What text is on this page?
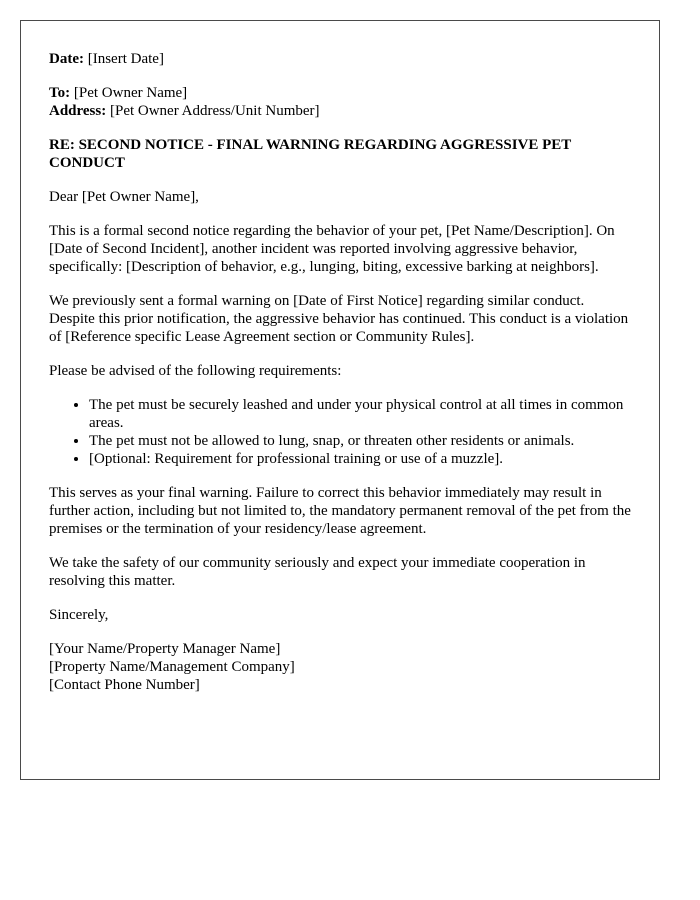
Date: [Insert Date]

To: [Pet Owner Name]
Address: [Pet Owner Address/Unit Number]

RE: SECOND NOTICE - FINAL WARNING REGARDING AGGRESSIVE PET CONDUCT

Dear [Pet Owner Name],

This is a formal second notice regarding the behavior of your pet, [Pet Name/Description]. On [Date of Second Incident], another incident was reported involving aggressive behavior, specifically: [Description of behavior, e.g., lunging, biting, excessive barking at neighbors].

We previously sent a formal warning on [Date of First Notice] regarding similar conduct. Despite this prior notification, the aggressive behavior has continued. This conduct is a violation of [Reference specific Lease Agreement section or Community Rules].

Please be advised of the following requirements:

• The pet must be securely leashed and under your physical control at all times in common areas.
• The pet must not be allowed to lung, snap, or threaten other residents or animals.
• [Optional: Requirement for professional training or use of a muzzle].

This serves as your final warning. Failure to correct this behavior immediately may result in further action, including but not limited to, the mandatory permanent removal of the pet from the premises or the termination of your residency/lease agreement.

We take the safety of our community seriously and expect your immediate cooperation in resolving this matter.

Sincerely,

[Your Name/Property Manager Name]
[Property Name/Management Company]
[Contact Phone Number]
